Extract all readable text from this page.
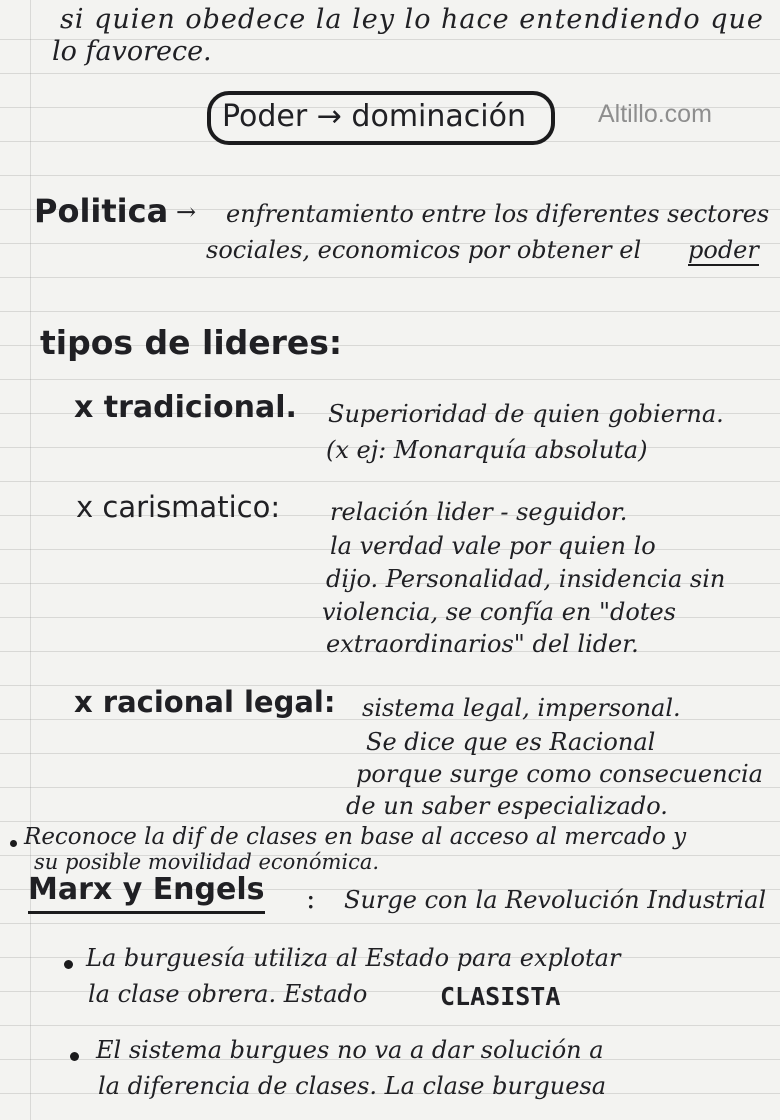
si quien obedece la ley lo hace entendiendo que
lo favorece.
Poder → dominación	Altillo.com
Politica → enfrentamiento entre los diferentes sectores
sociales, economicos por obtener el poder
tipos de lideres:
x tradicional. Superioridad de quien gobierna.
(x ej: Monarquía absoluta)
x carismatico: relación lider - seguidor.
la verdad vale por quien lo
dijo. Personalidad, insidencia sin
violencia, se confía en "dotes
extraordinarios" del lider.
x racional legal: sistema legal, impersonal.
Se dice que es Racional
porque surge como consecuencia
de un saber especializado.
Reconoce la dif de clases en base al acceso al mercado y
su posible movilidad económica.
Marx y Engels : Surge con la Revolución Industrial
La burguesía utiliza al Estado para explotar
la clase obrera. Estado	CLASISTA
El sistema burgues no va a dar solución a
la diferencia de clases. La clase burguesa
